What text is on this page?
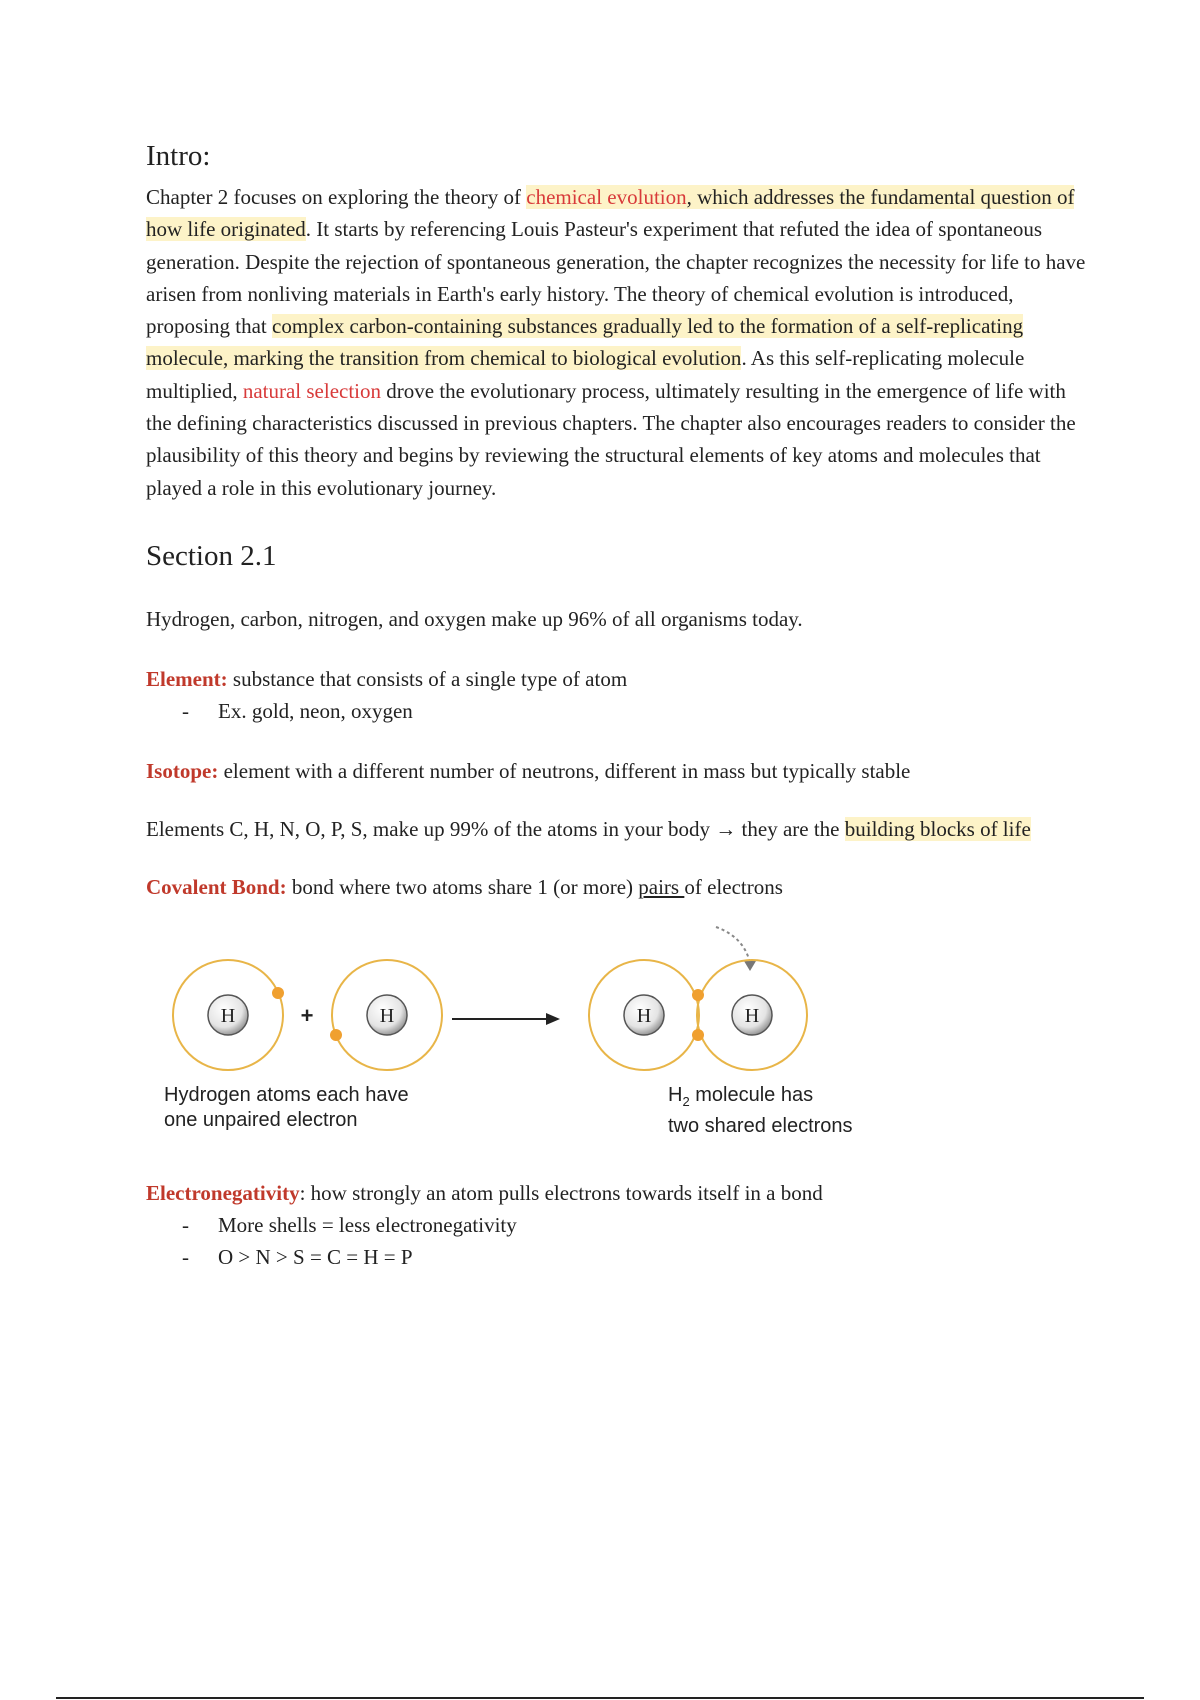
Intro:

Chapter 2 focuses on exploring the theory of chemical evolution, which addresses the fundamental question of how life originated. It starts by referencing Louis Pasteur's experiment that refuted the idea of spontaneous generation. Despite the rejection of spontaneous generation, the chapter recognizes the necessity for life to have arisen from nonliving materials in Earth's early history. The theory of chemical evolution is introduced, proposing that complex carbon-containing substances gradually led to the formation of a self-replicating molecule, marking the transition from chemical to biological evolution. As this self-replicating molecule multiplied, natural selection drove the evolutionary process, ultimately resulting in the emergence of life with the defining characteristics discussed in previous chapters. The chapter also encourages readers to consider the plausibility of this theory and begins by reviewing the structural elements of key atoms and molecules that played a role in this evolutionary journey.

Section 2.1

Hydrogen, carbon, nitrogen, and oxygen make up 96% of all organisms today.

Element: substance that consists of a single type of atom

- Ex. gold, neon, oxygen

Isotope: element with a different number of neutrons, different in mass but typically stable

Elements C, H, N, O, P, S, make up 99% of the atoms in your body → they are the building blocks of life

Covalent Bond: bond where two atoms share 1 (or more) pairs of electrons

H	+	H	H	H
Hydrogen atoms each have
one unpaired electron
$H_2$ molecule has
two shared electrons

Electronegativity: how strongly an atom pulls electrons towards itself in a bond

- More shells = less electronegativity

- O > N > S = C = H = P
